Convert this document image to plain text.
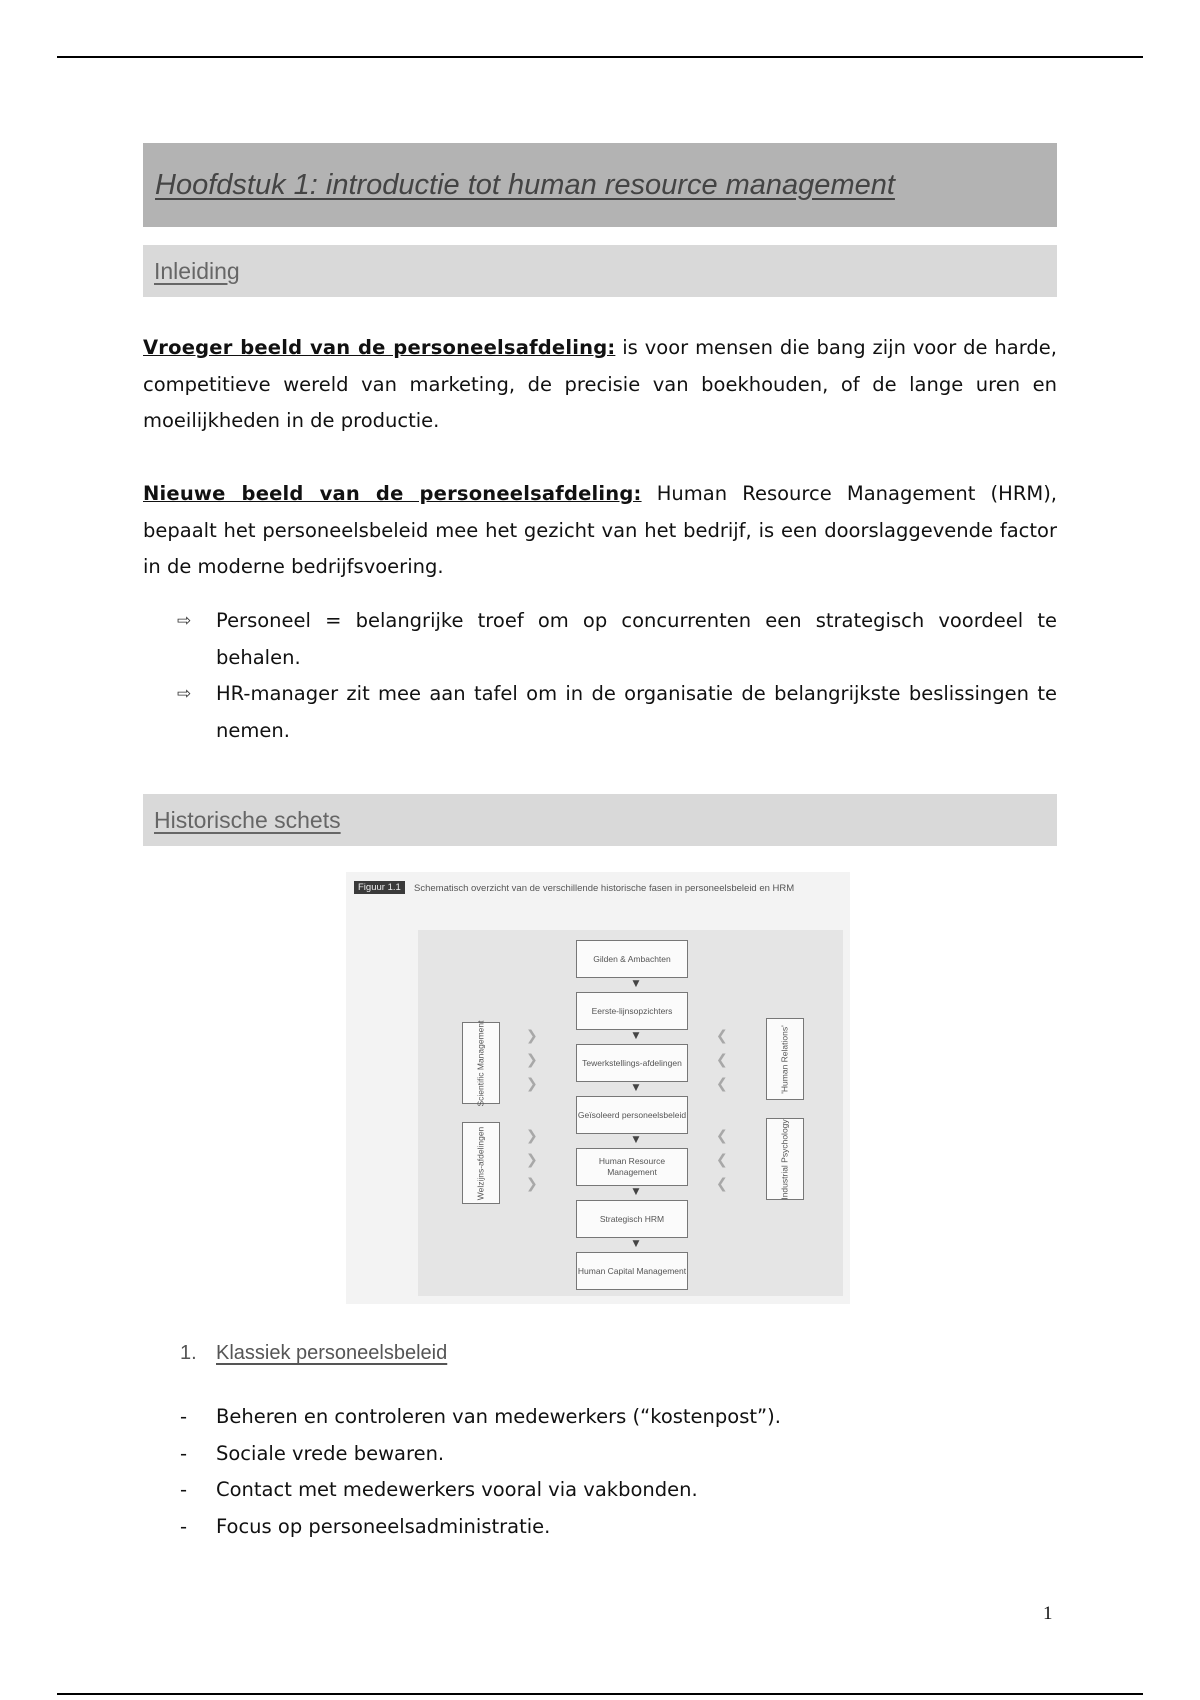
Hoofdstuk 1: introductie tot human resource management
Inleiding

Vroeger beeld van de personeelsafdeling: is voor mensen die bang zijn voor de harde, competitieve wereld van marketing, de precisie van boekhouden, of de lange uren en moeilijkheden in de productie.

Nieuwe beeld van de personeelsafdeling: Human Resource Management (HRM), bepaalt het personeelsbeleid mee het gezicht van het bedrijf, is een doorslaggevende factor in de moderne bedrijfsvoering.

⇨ Personeel = belangrijke troef om op concurrenten een strategisch voordeel te behalen.
⇨ HR-manager zit mee aan tafel om in de organisatie de belangrijkste beslissingen te nemen.
Historische schets
Figuur 1.1	Schematisch overzicht van de verschillende historische fasen in personeelsbeleid en HRM
Gilden & Ambachten
▼
Eerste-lijnsopzichters
▼
Tewerkstellings-afdelingen
▼
Geïsoleerd personeelsbeleid
▼
Human Resource Management
▼
Strategisch HRM
▼
Human Capital Management
Scientific Management
Welzijns-afdelingen
'Human Relations'
Industrial Psychology
❯
❯
❯
❯
❯
❯
❮
❮
❮
❮
❮
❮
1. Klassiek personeelsbeleid
- Beheren en controleren van medewerkers (“kostenpost”).
- Sociale vrede bewaren.
- Contact met medewerkers vooral via vakbonden.
- Focus op personeelsadministratie.
1
